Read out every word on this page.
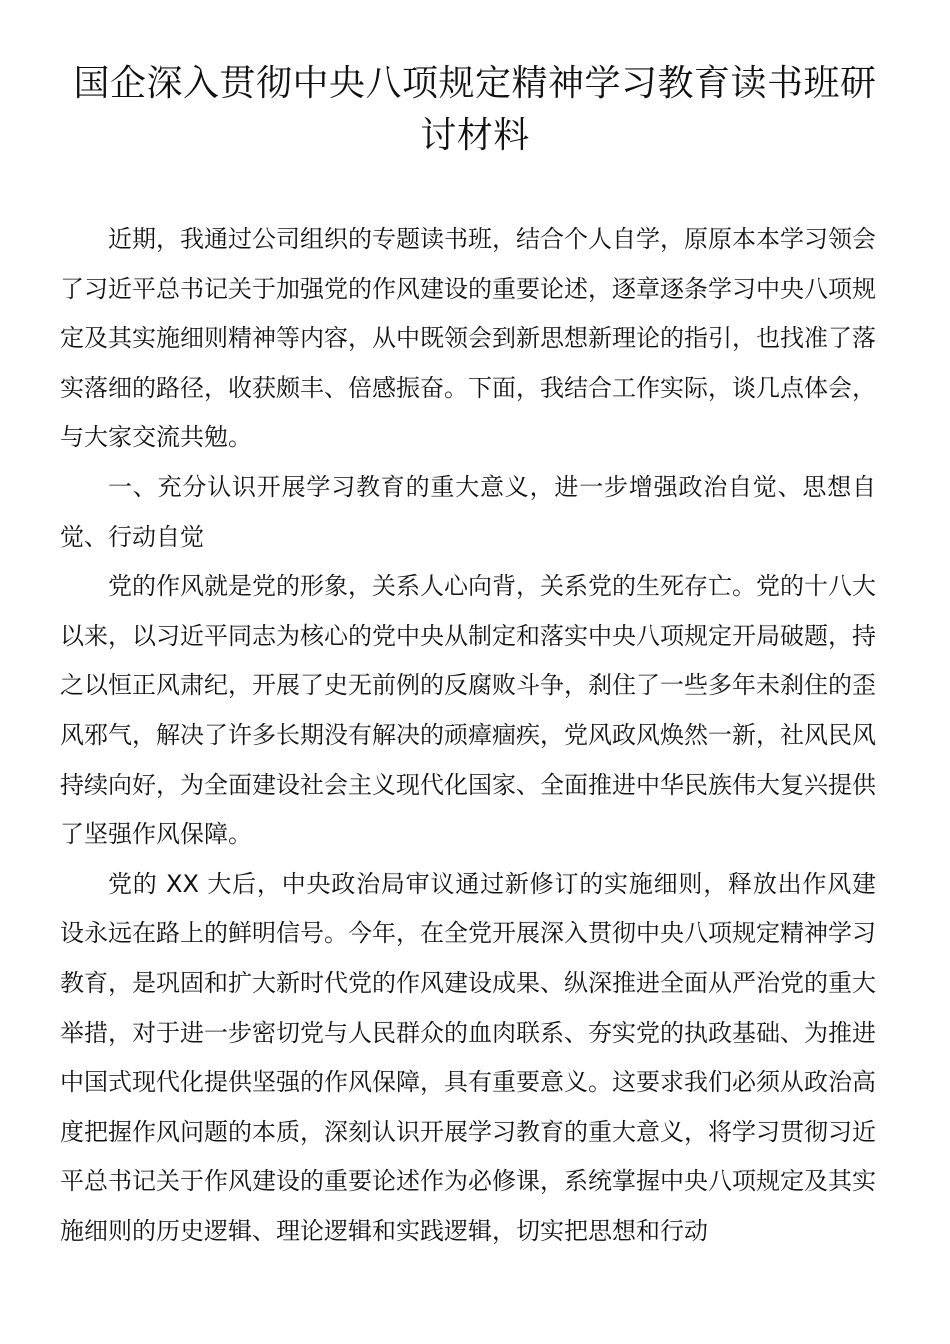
国企深入贯彻中央八项规定精神学习教育读书班研讨材料

近期，我通过公司组织的专题读书班，结合个人自学，原原本本学习领会了习近平总书记关于加强党的作风建设的重要论述，逐章逐条学习中央八项规定及其实施细则精神等内容，从中既领会到新思想新理论的指引，也找准了落实落细的路径，收获颇丰、倍感振奋。下面，我结合工作实际，谈几点体会，与大家交流共勉。

一、充分认识开展学习教育的重大意义，进一步增强政治自觉、思想自觉、行动自觉

党的作风就是党的形象，关系人心向背，关系党的生死存亡。党的十八大以来，以习近平同志为核心的党中央从制定和落实中央八项规定开局破题，持之以恒正风肃纪，开展了史无前例的反腐败斗争，刹住了一些多年未刹住的歪风邪气，解决了许多长期没有解决的顽瘴痼疾，党风政风焕然一新，社风民风持续向好，为全面建设社会主义现代化国家、全面推进中华民族伟大复兴提供了坚强作风保障。

党的 XX 大后，中央政治局审议通过新修订的实施细则，释放出作风建设永远在路上的鲜明信号。今年，在全党开展深入贯彻中央八项规定精神学习教育，是巩固和扩大新时代党的作风建设成果、纵深推进全面从严治党的重大举措，对于进一步密切党与人民群众的血肉联系、夯实党的执政基础、为推进中国式现代化提供坚强的作风保障，具有重要意义。这要求我们必须从政治高度把握作风问题的本质，深刻认识开展学习教育的重大意义，将学习贯彻习近平总书记关于作风建设的重要论述作为必修课，系统掌握中央八项规定及其实施细则的历史逻辑、理论逻辑和实践逻辑，切实把思想和行动
